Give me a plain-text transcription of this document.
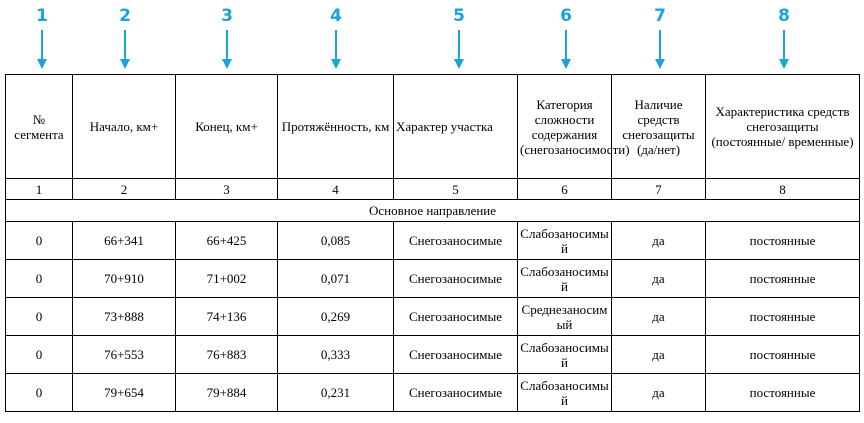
1	2	3	4	5	6	7	8
№ сегмента	Начало, км+	Конец, км+	Протяжённость, км	Характер участка	Категория сложности содержания (снегозаносимости)	Наличие средств снегозащиты (да/нет)	Характеристика средств снегозащиты (постоянные/ временные)
1	2	3	4	5	6	7	8
Основное направление							
0	66+341	66+425	0,085	Снегозаносимые	Слабозаносимый	да	постоянные
0	70+910	71+002	0,071	Снегозаносимые	Слабозаносимый	да	постоянные
0	73+888	74+136	0,269	Снегозаносимые	Среднезаносимый	да	постоянные
0	76+553	76+883	0,333	Снегозаносимые	Слабозаносимый	да	постоянные
0	79+654	79+884	0,231	Снегозаносимые	Слабозаносимый	да	постоянные
